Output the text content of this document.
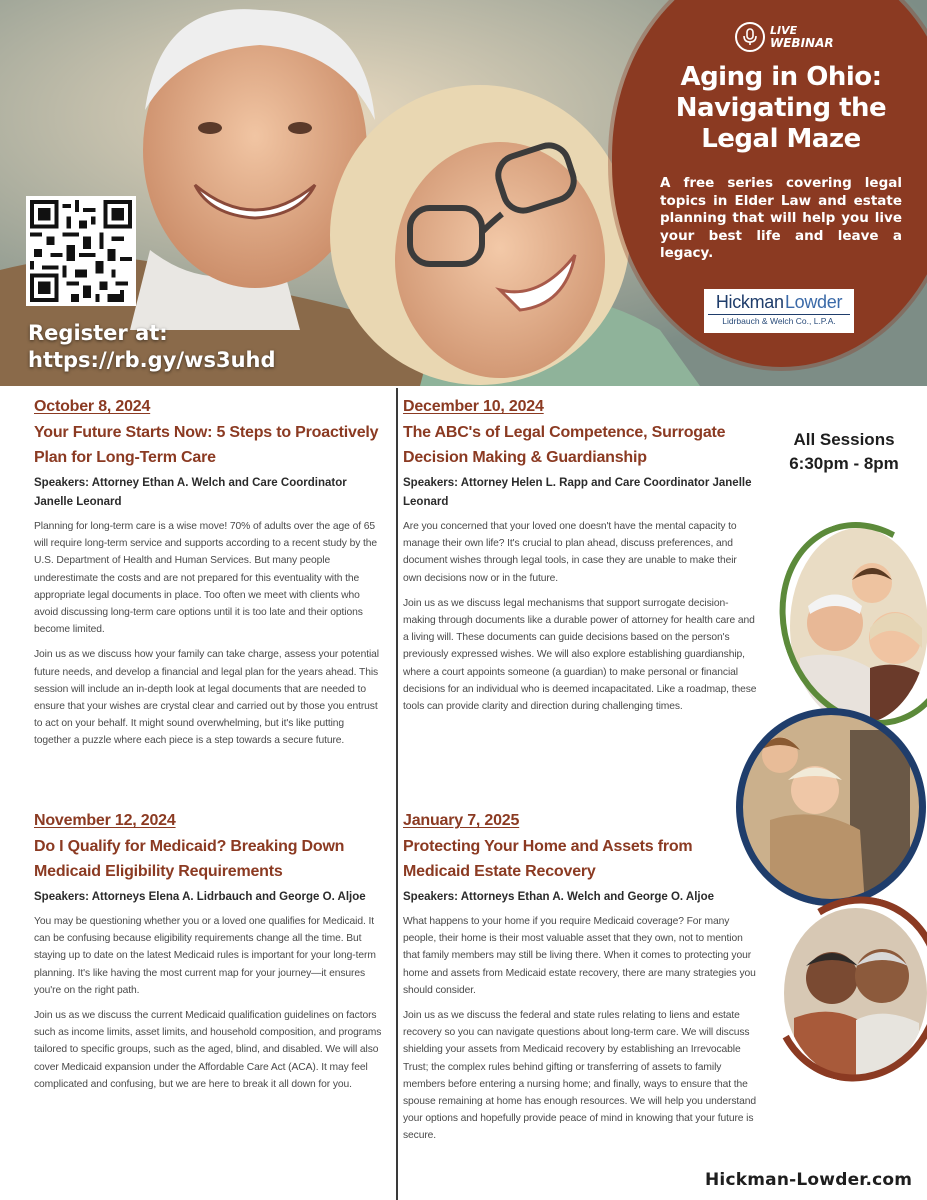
Register at:
https://rb.gy/ws3uhd
LIVE
WEBINAR
Aging in Ohio: Navigating the Legal Maze
A free series covering legal topics in Elder Law and estate planning that will help you live your best life and leave a legacy.
Hickman Lowder
Lidrbauch & Welch Co., L.P.A.
October 8, 2024
Your Future Starts Now: 5 Steps to Proactively Plan for Long-Term Care
Speakers: Attorney Ethan A. Welch and Care Coordinator Janelle Leonard

Planning for long-term care is a wise move! 70% of adults over the age of 65 will require long-term service and supports according to a recent study by the U.S. Department of Health and Human Services. But many people underestimate the costs and are not prepared for this eventuality with the appropriate legal documents in place. Too often we meet with clients who avoid discussing long-term care options until it is too late and their options become limited.

Join us as we discuss how your family can take charge, assess your potential future needs, and develop a financial and legal plan for the years ahead. This session will include an in-depth look at legal documents that are needed to ensure that your wishes are crystal clear and carried out by those you entrust to act on your behalf. It might sound overwhelming, but it's like putting together a puzzle where each piece is a step towards a secure future.

December 10, 2024
The ABC's of Legal Competence, Surrogate Decision Making & Guardianship
Speakers: Attorney Helen L. Rapp and Care Coordinator Janelle Leonard

Are you concerned that your loved one doesn't have the mental capacity to manage their own life? It's crucial to plan ahead, discuss preferences, and document wishes through legal tools, in case they are unable to make their own decisions now or in the future.

Join us as we discuss legal mechanisms that support surrogate decision-making through documents like a durable power of attorney for health care and a living will. These documents can guide decisions based on the person's previously expressed wishes. We will also explore establishing guardianship, where a court appoints someone (a guardian) to make personal or financial decisions for an individual who is deemed incapacitated. Like a roadmap, these tools can provide clarity and direction during challenging times.

November 12, 2024
Do I Qualify for Medicaid? Breaking Down Medicaid Eligibility Requirements
Speakers: Attorneys Elena A. Lidrbauch and George O. Aljoe

You may be questioning whether you or a loved one qualifies for Medicaid. It can be confusing because eligibility requirements change all the time. But staying up to date on the latest Medicaid rules is important for your long-term planning. It's like having the most current map for your journey—it ensures you're on the right path.

Join us as we discuss the current Medicaid qualification guidelines on factors such as income limits, asset limits, and household composition, and programs tailored to specific groups, such as the aged, blind, and disabled. We will also cover Medicaid expansion under the Affordable Care Act (ACA). It may feel complicated and confusing, but we are here to break it all down for you.

January 7, 2025
Protecting Your Home and Assets from Medicaid Estate Recovery
Speakers: Attorneys Ethan A. Welch and George O. Aljoe

What happens to your home if you require Medicaid coverage? For many people, their home is their most valuable asset that they own, not to mention that family members may still be living there. When it comes to protecting your home and assets from Medicaid estate recovery, there are many strategies you should consider.

Join us as we discuss the federal and state rules relating to liens and estate recovery so you can navigate questions about long-term care. We will discuss shielding your assets from Medicaid recovery by establishing an Irrevocable Trust; the complex rules behind gifting or transferring of assets to family members before entering a nursing home; and finally, ways to ensure that the spouse remaining at home has enough resources. We will help you understand your options and hopefully provide peace of mind in knowing that your future is secure.

All Sessions
6:30pm - 8pm
Hickman-Lowder.com
